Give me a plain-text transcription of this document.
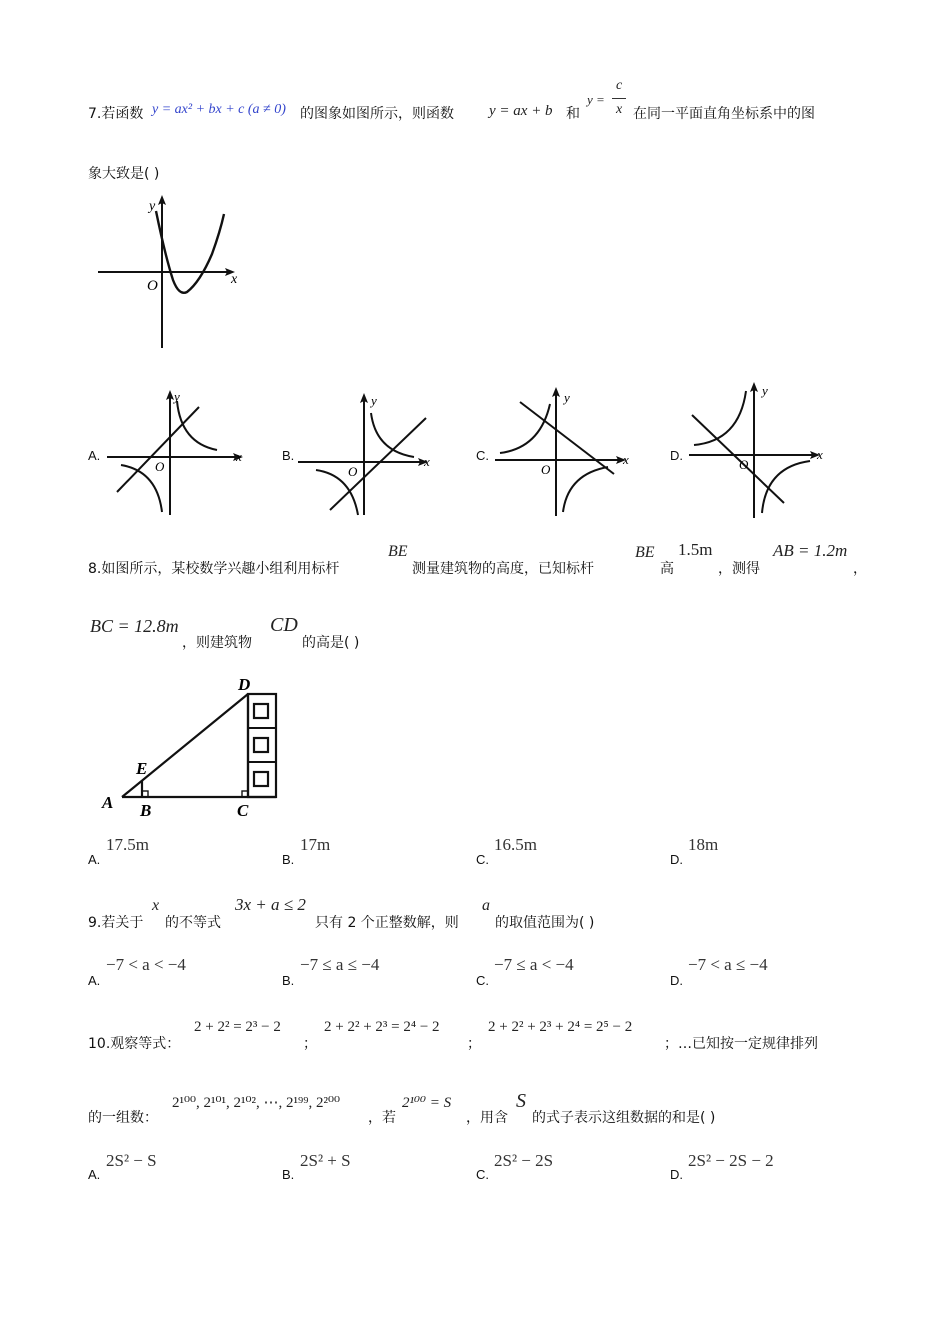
7.若函数 y = ax² + bx + c (a ≠ 0) 的图象如图所示，则函数 y = ax + b 和
y =
c
x 在同一平面直角坐标系中的图
象大致是( )
y
x
O
A.	B.	C.	D.
y
x
O
y
x
O
y
x
O
y
x
O
8.如图所示，某校数学兴趣小组利用标杆
BE
测量建筑物的高度，已知标杆
BE
高
1.5m
，测得
AB = 1.2m
，
BC = 12.8m
，则建筑物
CD
的高是( )
A B	C
D
E
A.
17.5m
B.
17m
C.
16.5m
D.
18m
9.若关于
x
的不等式
3x + a ≤ 2
只有 2 个正整数解，则
a
的取值范围为( )
A.
−7 < a < −4
B.
−7 ≤ a ≤ −4
C.
−7 ≤ a < −4
D.
−7 < a ≤ −4
10.观察等式：
2 + 2² = 2³ − 2
；
2 + 2² + 2³ = 2⁴ − 2
；
2 + 2² + 2³ + 2⁴ = 2⁵ − 2
；…已知按一定规律排列
的一组数：
2¹⁰⁰, 2¹⁰¹, 2¹⁰², ⋯, 2¹⁹⁹, 2²⁰⁰
，若
2¹⁰⁰ = S
，用含
S
的式子表示这组数据的和是( )
A.
2S² − S
B.
2S² + S
C.
2S² − 2S
D.
2S² − 2S − 2
